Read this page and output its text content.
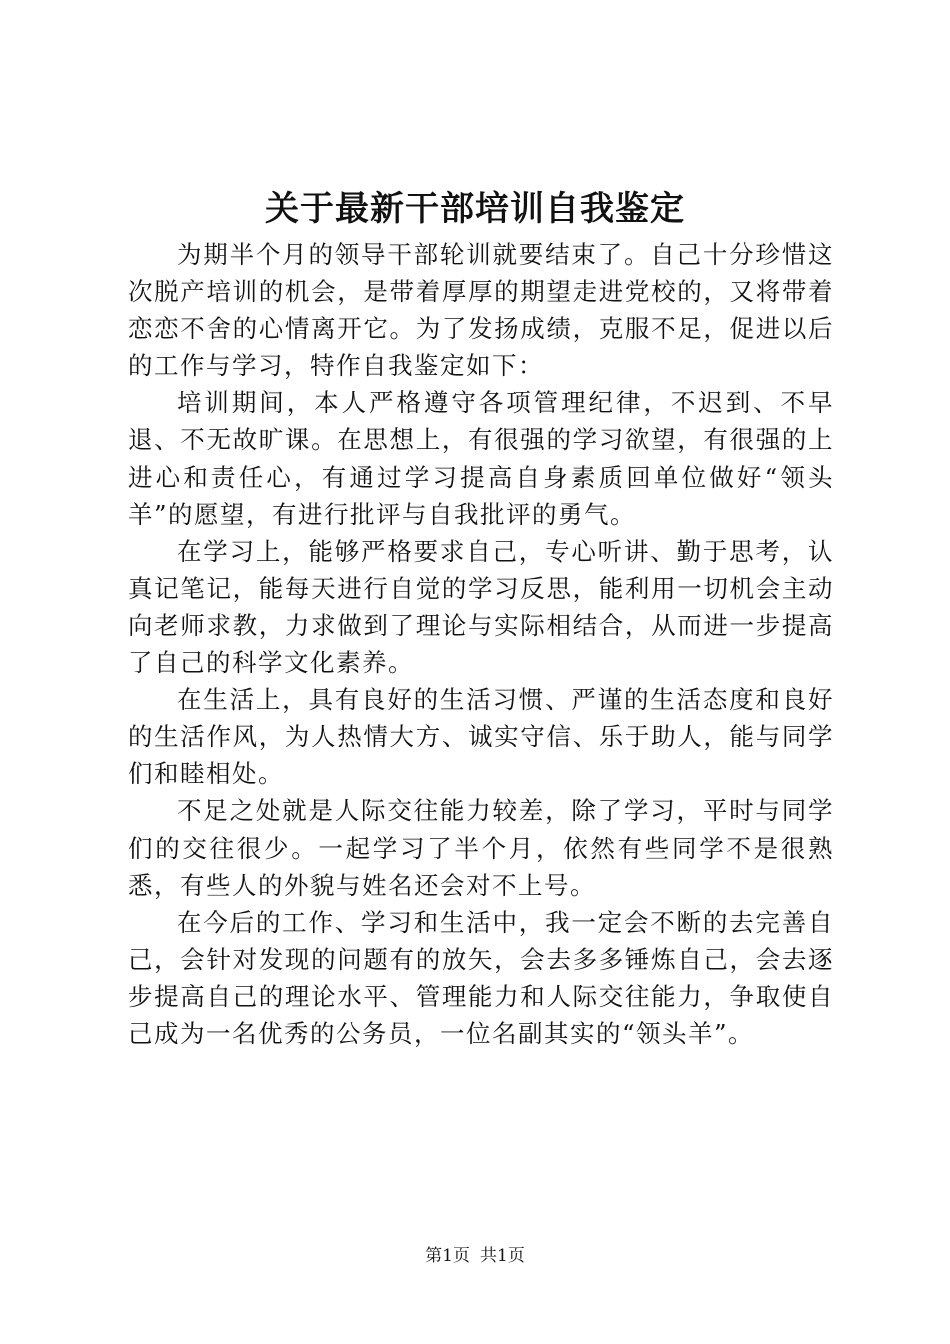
关于最新干部培训自我鉴定

为期半个月的领导干部轮训就要结束了。自己十分珍惜这次脱产培训的机会，是带着厚厚的期望走进党校的，又将带着恋恋不舍的心情离开它。为了发扬成绩，克服不足，促进以后的工作与学习，特作自我鉴定如下：

培训期间，本人严格遵守各项管理纪律，不迟到、不早退、不无故旷课。在思想上，有很强的学习欲望，有很强的上进心和责任心，有通过学习提高自身素质回单位做好“领头羊”的愿望，有进行批评与自我批评的勇气。

在学习上，能够严格要求自己，专心听讲、勤于思考，认真记笔记，能每天进行自觉的学习反思，能利用一切机会主动向老师求教，力求做到了理论与实际相结合，从而进一步提高了自己的科学文化素养。

在生活上，具有良好的生活习惯、严谨的生活态度和良好的生活作风，为人热情大方、诚实守信、乐于助人，能与同学们和睦相处。

不足之处就是人际交往能力较差，除了学习，平时与同学们的交往很少。一起学习了半个月，依然有些同学不是很熟悉，有些人的外貌与姓名还会对不上号。

在今后的工作、学习和生活中，我一定会不断的去完善自己，会针对发现的问题有的放矢，会去多多锤炼自己，会去逐步提高自己的理论水平、管理能力和人际交往能力，争取使自己成为一名优秀的公务员，一位名副其实的“领头羊”。

第1页 共1页
